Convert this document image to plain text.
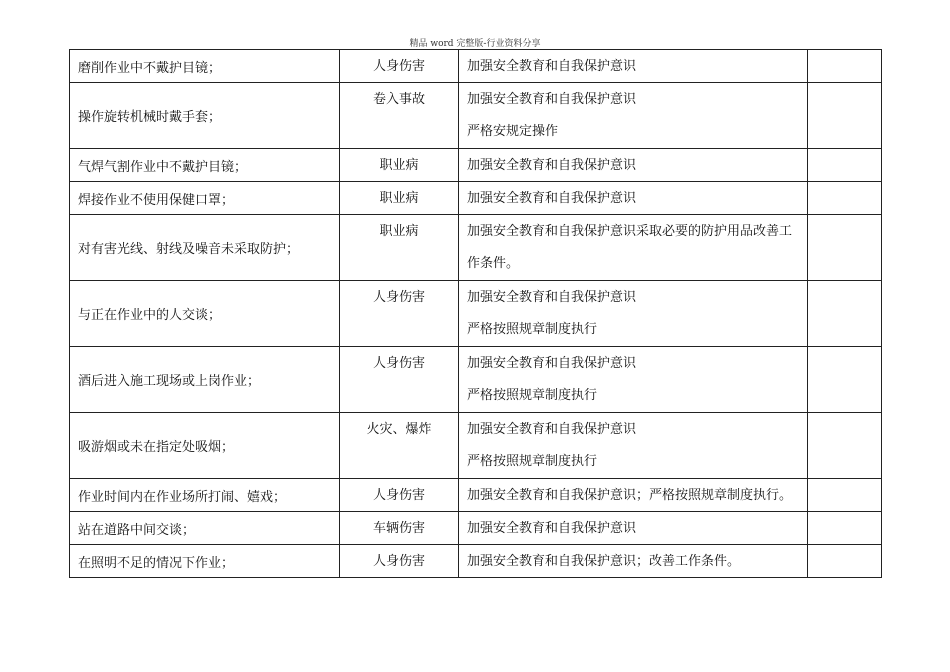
精品 word 完整版-行业资料分享
磨削作业中不戴护目镜；	人身伤害	加强安全教育和自我保护意识	

操作旋转机械时戴手套；	卷入事故	加强安全教育和自我保护意识
严格安规定操作	

气焊气割作业中不戴护目镜；	职业病	加强安全教育和自我保护意识	

焊接作业不使用保健口罩；	职业病	加强安全教育和自我保护意识	

对有害光线、射线及噪音未采取防护；	职业病	加强安全教育和自我保护意识采取必要的防护用品改善工
作条件。	

与正在作业中的人交谈；	人身伤害	加强安全教育和自我保护意识
严格按照规章制度执行	

酒后进入施工现场或上岗作业；	人身伤害	加强安全教育和自我保护意识
严格按照规章制度执行	

吸游烟或未在指定处吸烟；	火灾、爆炸	加强安全教育和自我保护意识
严格按照规章制度执行	

作业时间内在作业场所打闹、嬉戏；	人身伤害	加强安全教育和自我保护意识；严格按照规章制度执行。	

站在道路中间交谈；	车辆伤害	加强安全教育和自我保护意识	

在照明不足的情况下作业；	人身伤害	加强安全教育和自我保护意识；改善工作条件。	
